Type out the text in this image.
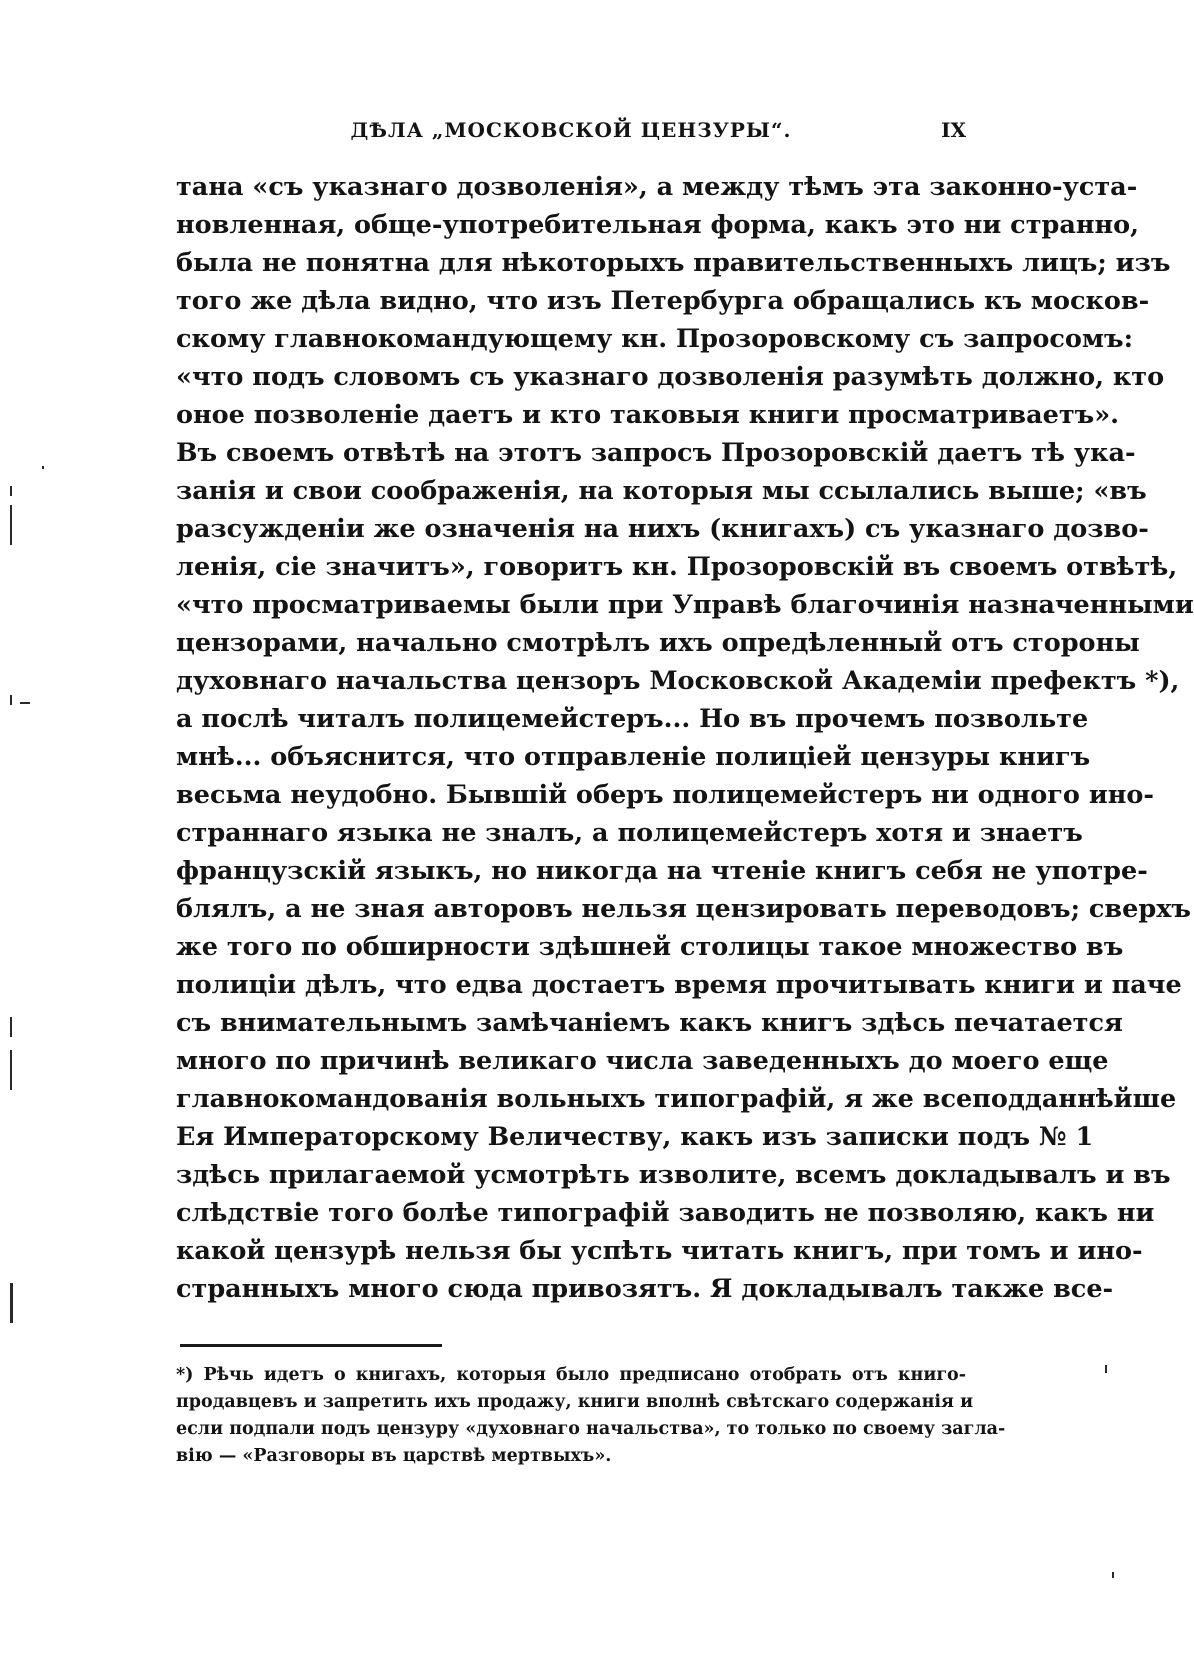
ДѢЛА „МОСКОВСКОЙ ЦЕНЗУРЫ“.	IX
тана «съ указнаго дозволенія», а между тѣмъ эта законно-уста-
новленная, обще-употребительная форма, какъ это ни странно,
была не понятна для нѣкоторыхъ правительственныхъ лицъ; изъ
того же дѣла видно, что изъ Петербурга обращались къ москов-
скому главнокомандующему кн. Прозоровскому съ запросомъ:
«что подъ словомъ съ указнаго дозволенія разумѣть должно, кто
оное позволеніе даетъ и кто таковыя книги просматриваетъ».
Въ своемъ отвѣтѣ на этотъ запросъ Прозоровскій даетъ тѣ ука-
занія и свои соображенія, на которыя мы ссылались выше; «въ
разсужденіи же означенія на нихъ (книгахъ) съ указнаго дозво-
ленія, сіе значитъ», говоритъ кн. Прозоровскій въ своемъ отвѣтѣ,
«что просматриваемы были при Управѣ благочинія назначенными
цензорами, начально смотрѣлъ ихъ опредѣленный отъ стороны
духовнаго начальства цензоръ Московской Академіи префектъ *),
а послѣ читалъ полицемейстеръ... Но въ прочемъ позвольте
мнѣ... объяснится, что отправленіе полиціей цензуры книгъ
весьма неудобно. Бывшій оберъ полицемейстеръ ни одного ино-
страннаго языка не зналъ, а полицемейстеръ хотя и знаетъ
французскій языкъ, но никогда на чтеніе книгъ себя не употре-
блялъ, а не зная авторовъ нельзя цензировать переводовъ; сверхъ
же того по обширности здѣшней столицы такое множество въ
полиціи дѣлъ, что едва достаетъ время прочитывать книги и паче
съ внимательнымъ замѣчаніемъ какъ книгъ здѣсь печатается
много по причинѣ великаго числа заведенныхъ до моего еще
главнокомандованія вольныхъ типографій, я же всеподданнѣйше
Ея Императорскому Величеству, какъ изъ записки подъ № 1
здѣсь прилагаемой усмотрѣть изволите, всемъ докладывалъ и въ
слѣдствіе того болѣе типографій заводить не позволяю, какъ ни
какой цензурѣ нельзя бы успѣть читать книгъ, при томъ и ино-
странныхъ много сюда привозятъ. Я докладывалъ также все-
*) Рѣчь идетъ о книгахъ, которыя было предписано отобрать отъ книго-
продавцевъ и запретить ихъ продажу, книги вполнѣ свѣтскаго содержанія и
если подпали подъ цензуру «духовнаго начальства», то только по своему загла-
вію — «Разговоры въ царствѣ мертвыхъ».
